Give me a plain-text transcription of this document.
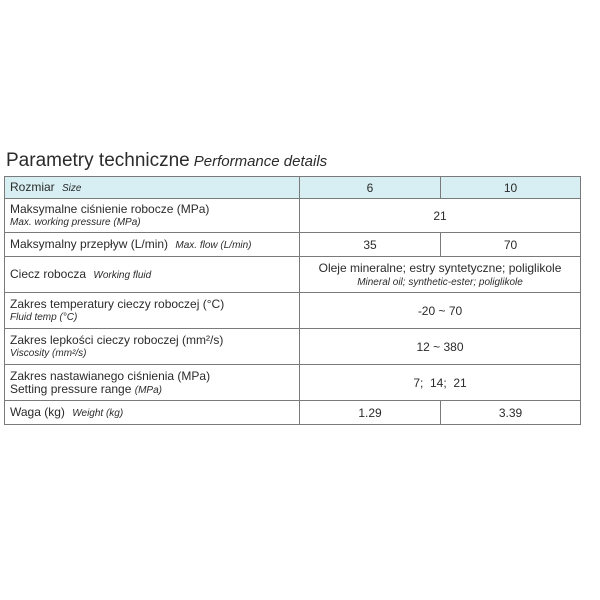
Parametry techniczne Performance details
Rozmiar Size	6	10

Maksymalne ciśnienie robocze (MPa)
Max. working pressure (MPa)	21	
Maksymalny przepływ (L/min) Max. flow (L/min)	35	70
Ciecz robocza Working fluid	Oleje mineralne; estry syntetyczne; poliglikole
Mineral oil; synthetic-ester; poliglikole	

Zakres temperatury cieczy roboczej (°C)
Fluid temp (°C)	-20 ~ 70	

Zakres lepkości cieczy roboczej (mm²/s)
Viscosity (mm²/s)	12 ~ 380	

Zakres nastawianego ciśnienia (MPa)
Setting pressure range (MPa)	7;  14;  21	
Waga (kg) Weight (kg)	1.29	3.39
